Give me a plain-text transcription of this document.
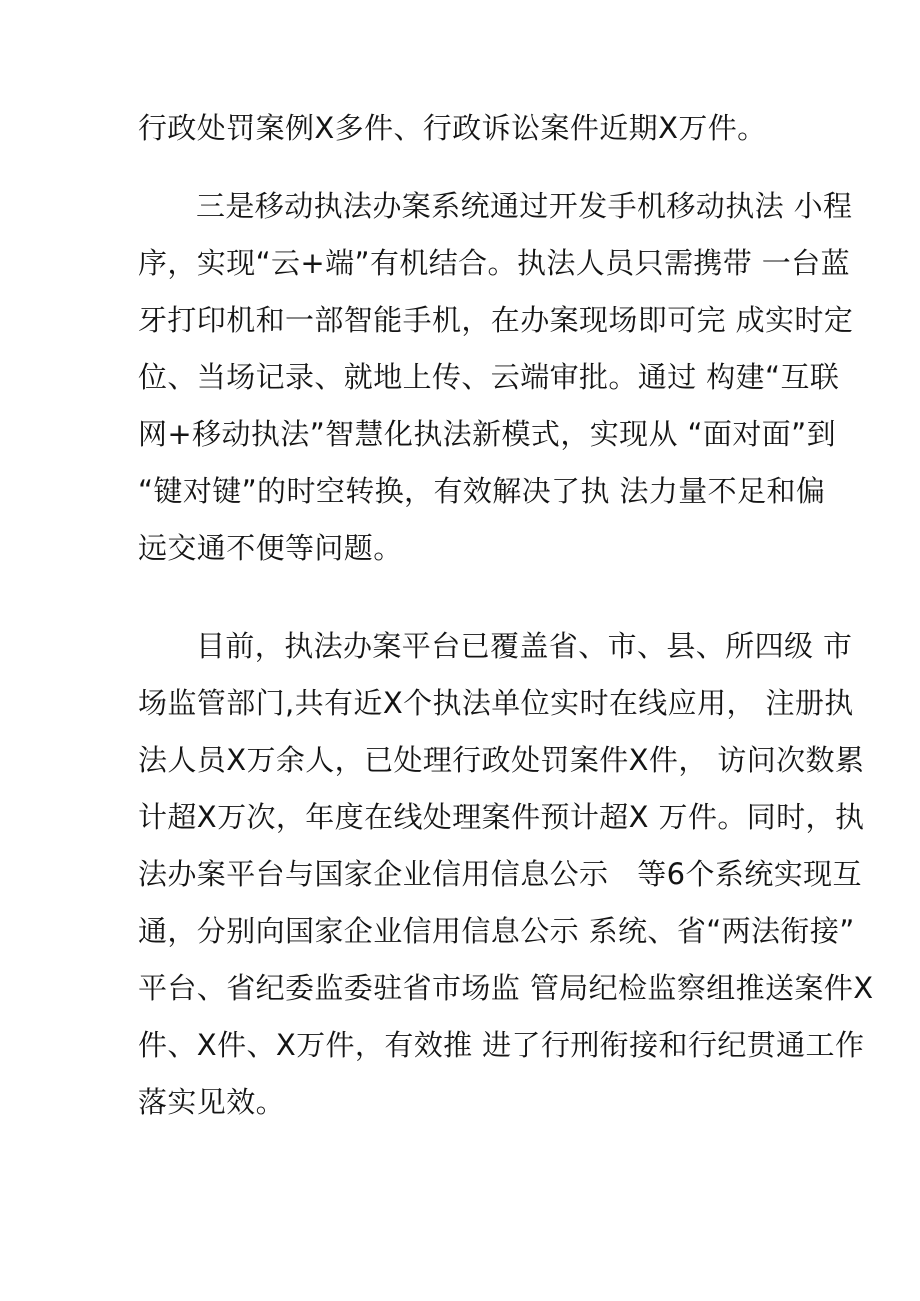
行政处罚案例X多件、行政诉讼案件近期X万件。

三是移动执法办案系统通过开发手机移动执法 小程

序，实现“云+端”有机结合。执法人员只需携带 一台蓝

牙打印机和一部智能手机，在办案现场即可完 成实时定

位、当场记录、就地上传、云端审批。通过 构建“互联

网+移动执法”智慧化执法新模式，实现从 “面对面”到

“键对键”的时空转换，有效解决了执 法力量不足和偏

远交通不便等问题。

目前，执法办案平台已覆盖省、市、县、所四级 市

场监管部门,共有近X个执法单位实时在线应用， 注册执

法人员X万余人，已处理行政处罚案件X件， 访问次数累

计超X万次，年度在线处理案件预计超X 万件。同时，执

法办案平台与国家企业信用信息公示   等6个系统实现互

通，分别向国家企业信用信息公示 系统、省“两法衔接”

平台、省纪委监委驻省市场监 管局纪检监察组推送案件X

件、X件、X万件，有效推 进了行刑衔接和行纪贯通工作

落实见效。
